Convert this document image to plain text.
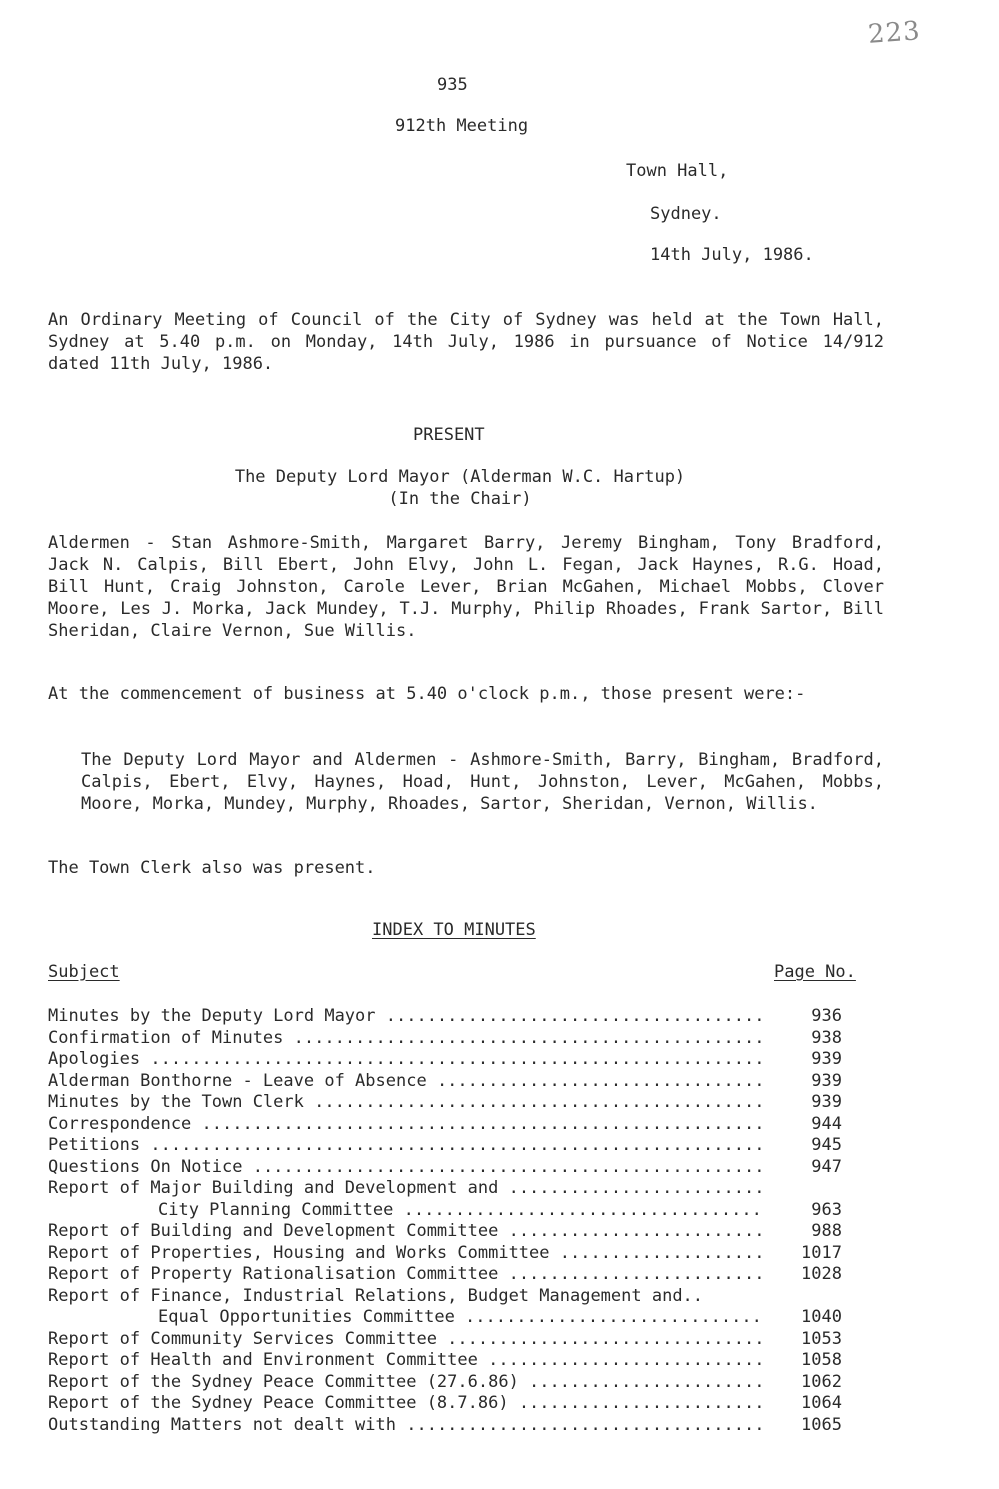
223
935
912th Meeting
Town Hall,
Sydney.
14th July, 1986.
An Ordinary Meeting of Council of the City of Sydney was held at the Town Hall, Sydney at 5.40 p.m. on Monday, 14th July, 1986 in pursuance of Notice 14/912 dated 11th July, 1986.
PRESENT
The Deputy Lord Mayor (Alderman W.C. Hartup)
(In the Chair)
Aldermen - Stan Ashmore-Smith, Margaret Barry, Jeremy Bingham, Tony Bradford, Jack N. Calpis, Bill Ebert, John Elvy, John L. Fegan, Jack Haynes, R.G. Hoad, Bill Hunt, Craig Johnston, Carole Lever, Brian McGahen, Michael Mobbs, Clover Moore, Les J. Morka, Jack Mundey, T.J. Murphy, Philip Rhoades, Frank Sartor, Bill Sheridan, Claire Vernon, Sue Willis.
At the commencement of business at 5.40 o'clock p.m., those present were:-
The Deputy Lord Mayor and Aldermen - Ashmore-Smith, Barry, Bingham, Bradford, Calpis, Ebert, Elvy, Haynes, Hoad, Hunt, Johnston, Lever, McGahen, Mobbs, Moore, Morka, Mundey, Murphy, Rhoades, Sartor, Sheridan, Vernon, Willis.
The Town Clerk also was present.
INDEX TO MINUTES
Subject	Page No.
Minutes by the Deputy Lord Mayor .....	936
Confirmation of Minutes .....	938
Apologies .....	939
Alderman Bonthorne - Leave of Absence .....	939
Minutes by the Town Clerk .....	939
Correspondence .....	944
Petitions .....	945
Questions On Notice .....	947
Report of Major Building and Development and .....
City Planning Committee .....	963
Report of Building and Development Committee .....	988
Report of Properties, Housing and Works Committee .....	1017
Report of Property Rationalisation Committee .....	1028
Report of Finance, Industrial Relations, Budget Management and..
Equal Opportunities Committee .....	1040
Report of Community Services Committee .....	1053
Report of Health and Environment Committee .....	1058
Report of the Sydney Peace Committee (27.6.86) .....	1062
Report of the Sydney Peace Committee (8.7.86) .....	1064
Outstanding Matters not dealt with .....	1065
